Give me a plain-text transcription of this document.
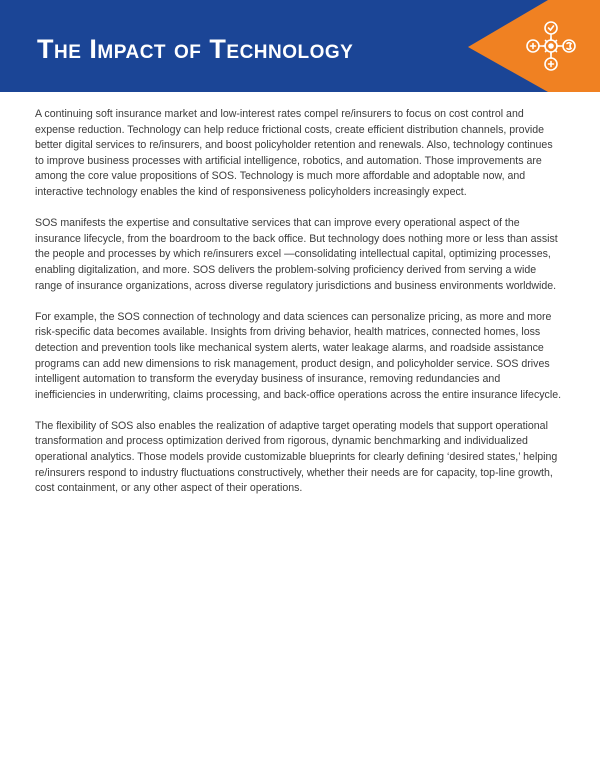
The Impact of Technology

A continuing soft insurance market and low-interest rates compel re/insurers to focus on cost control and expense reduction. Technology can help reduce frictional costs, create efficient distribution channels, provide better digital services to re/insurers, and boost policyholder retention and renewals. Also, technology continues to improve business processes with artificial intelligence, robotics, and automation. Those improvements are among the core value propositions of SOS. Technology is much more affordable and adoptable now, and interactive technology enables the kind of responsiveness policyholders increasingly expect.

SOS manifests the expertise and consultative services that can improve every operational aspect of the insurance lifecycle, from the boardroom to the back office. But technology does nothing more or less than assist the people and processes by which re/insurers excel —consolidating intellectual capital, optimizing processes, enabling digitalization, and more. SOS delivers the problem-solving proficiency derived from serving a wide range of insurance organizations, across diverse regulatory jurisdictions and business environments worldwide.

For example, the SOS connection of technology and data sciences can personalize pricing, as more and more risk-specific data becomes available. Insights from driving behavior, health matrices, connected homes, loss detection and prevention tools like mechanical system alerts, water leakage alarms, and roadside assistance programs can add new dimensions to risk management, product design, and policyholder service. SOS drives intelligent automation to transform the everyday business of insurance, removing redundancies and inefficiencies in underwriting, claims processing, and back-office operations across the entire insurance lifecycle.

The flexibility of SOS also enables the realization of adaptive target operating models that support operational transformation and process optimization derived from rigorous, dynamic benchmarking and individualized operational analytics. Those models provide customizable blueprints for clearly defining ‘desired states,’ helping re/insurers respond to industry fluctuations constructively, whether their needs are for capacity, top-line growth, cost containment, or any other aspect of their operations.
